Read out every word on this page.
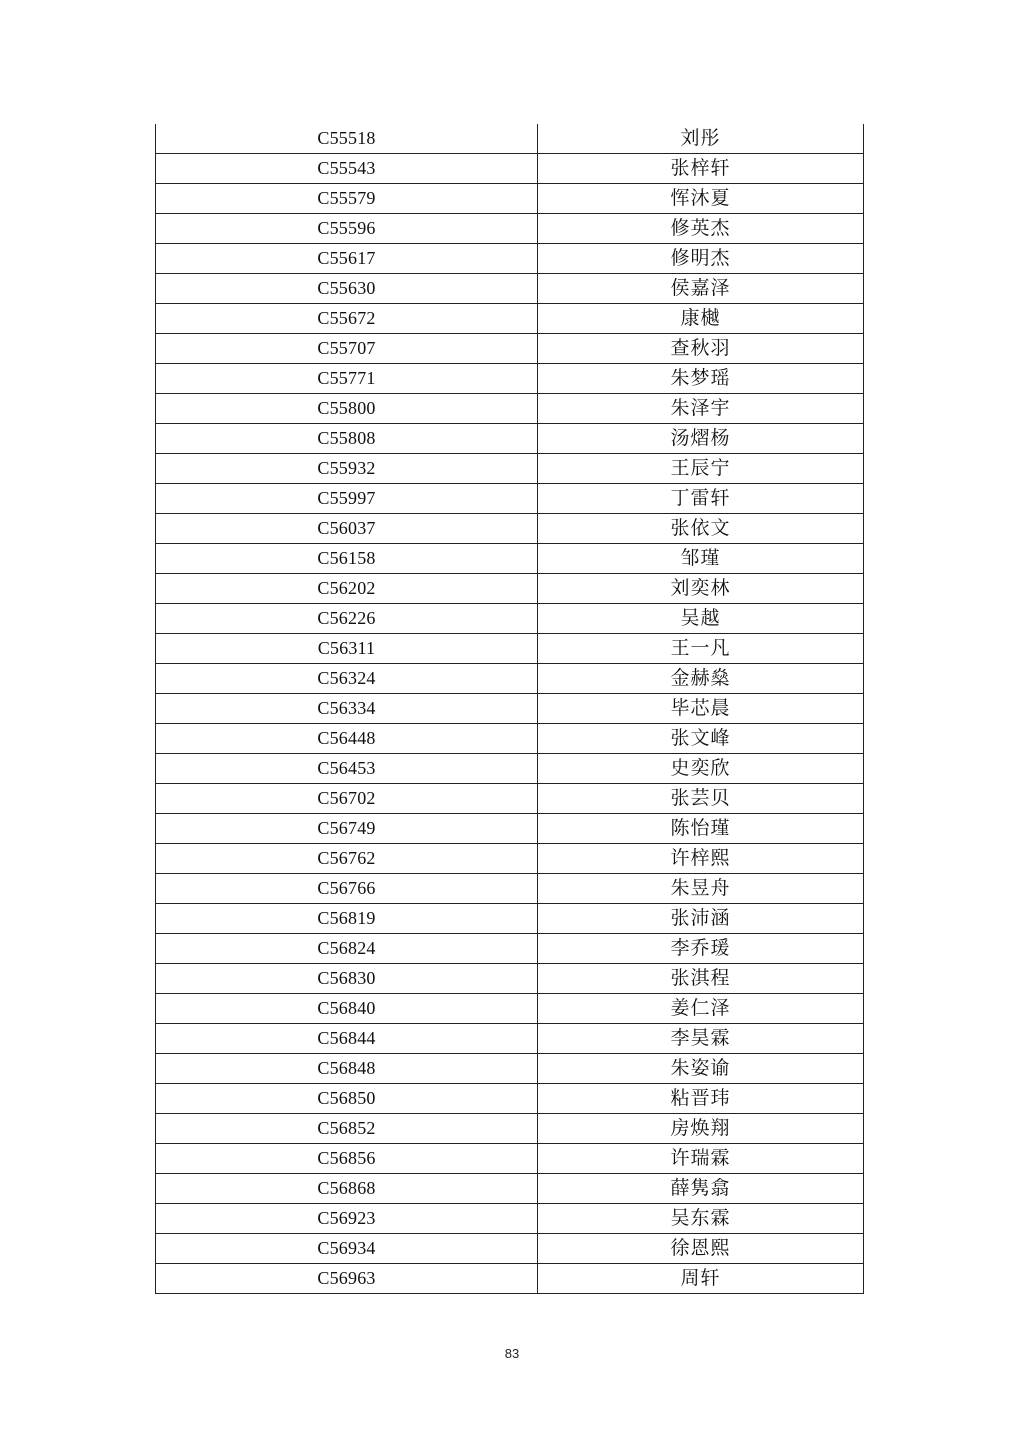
C55518	刘彤
C55543	张梓轩
C55579	恽沐夏
C55596	修英杰
C55617	修明杰
C55630	侯嘉泽
C55672	康樾
C55707	查秋羽
C55771	朱梦瑶
C55800	朱泽宇
C55808	汤熠杨
C55932	王辰宁
C55997	丁雷轩
C56037	张依文
C56158	邹瑾
C56202	刘奕林
C56226	吴越
C56311	王一凡
C56324	金赫燊
C56334	毕芯晨
C56448	张文峰
C56453	史奕欣
C56702	张芸贝
C56749	陈怡瑾
C56762	许梓熙
C56766	朱昱舟
C56819	张沛涵
C56824	李乔瑗
C56830	张淇程
C56840	姜仁泽
C56844	李昊霖
C56848	朱姿谕
C56850	粘晋玮
C56852	房焕翔
C56856	许瑞霖
C56868	薛隽翕
C56923	吴东霖
C56934	徐恩熙
C56963	周轩
83
